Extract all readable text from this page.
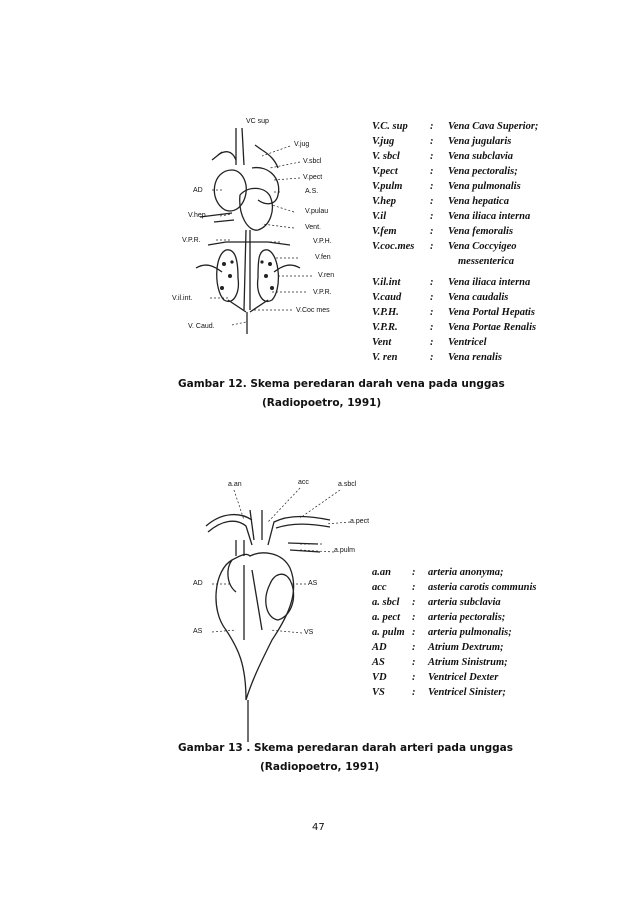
VC sup
V.jug
V.sbcl
V.pect
AD	A.S.
V.pulau
V.hep
Vent.
V.P.R.	V.P.H.
V.fen
V.ren
V.il.int.
V.P.R.
V.Coc mes
V. Caud.
V.C. sup : Vena Cava Superior;
V.jug	: Vena jugularis
V. sbcl	: Vena subclavia
V.pect	: Vena pectoralis;
V.pulm	: Vena pulmonalis
V.hep	: Vena hepatica
V.il	: Vena iliaca interna
V.fem	: Vena femoralis
V.coc.mes : Vena Coccyigeo
messenterica
V.il.int	: Vena iliaca interna
V.caud	: Vena caudalis
V.P.H.	: Vena Portal Hepatis
V.P.R.	: Vena Portae Renalis
Vent	: Ventricel
V. ren	: Vena renalis
Gambar 12. Skema peredaran darah vena pada unggas
(Radiopoetro, 1991)
a.an	acc	a.sbcl
a.pect
a.pulm
AD	AS
AS	VS
a.an : arteria anonyma;
acc : asteria carotis communis
a. sbcl : arteria subclavia
a. pect : arteria pectoralis;
a. pulm : arteria pulmonalis;
AD : Atrium Dextrum;
AS	: Atrium Sinistrum;
VD : Ventricel Dexter
VS	: Ventricel Sinister;
Gambar 13 . Skema peredaran darah arteri pada unggas
(Radiopoetro, 1991)
47
